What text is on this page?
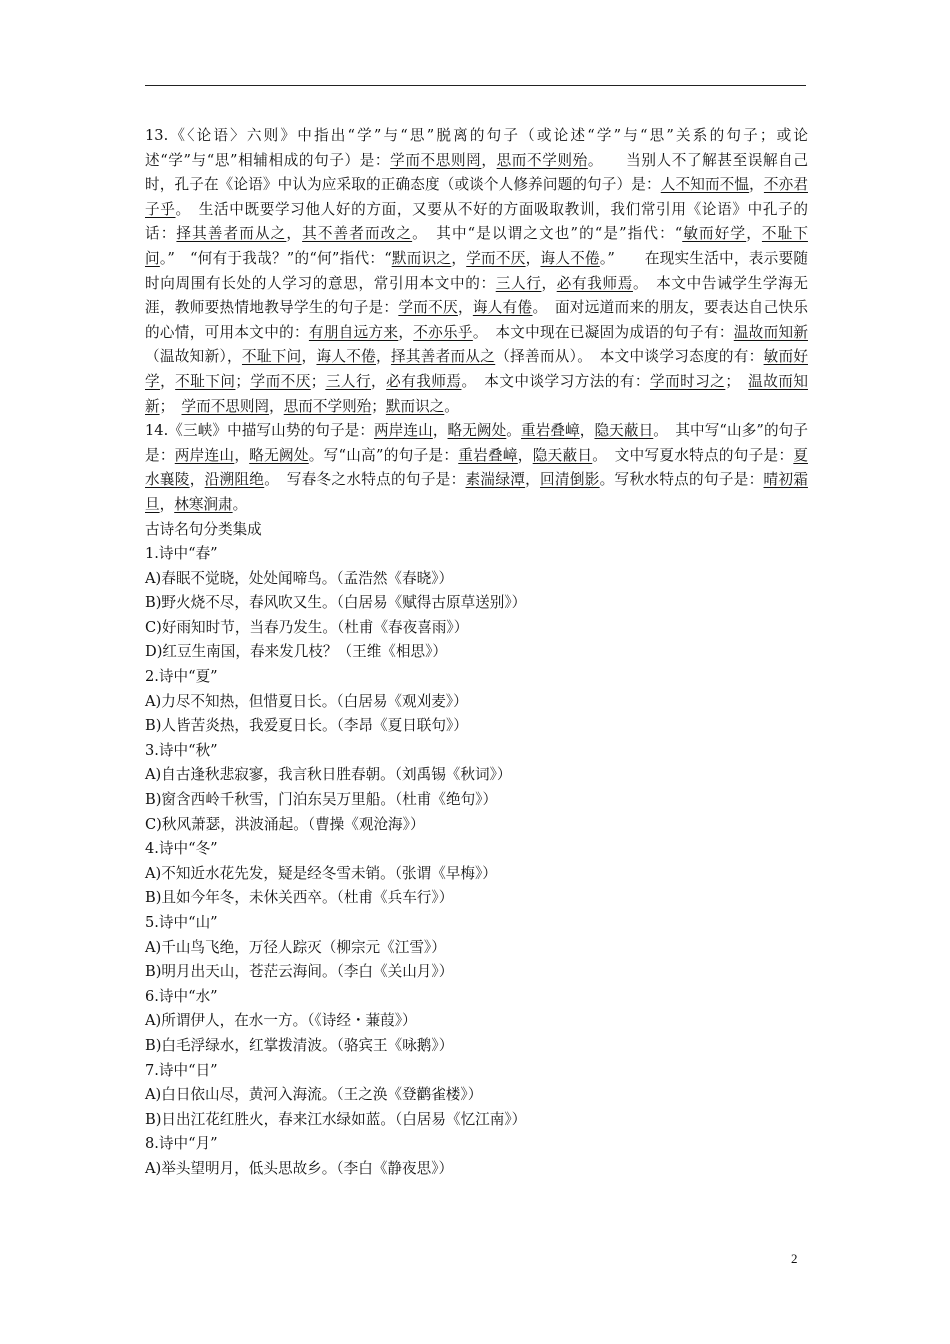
13.《〈论语〉六则》中指出“学”与“思”脱离的句子（或论述“学”与“思”关系的句子；或论述“学”与“思”相辅相成的句子）是：学而不思则罔，思而不学则殆。　　当别人不了解甚至误解自己时，孔子在《论语》中认为应采取的正确态度（或谈个人修养问题的句子）是：人不知而不愠，不亦君子乎。　生活中既要学习他人好的方面，又要从不好的方面吸取教训，我们常引用《论语》中孔子的话：择其善者而从之，其不善者而改之。　其中“是以谓之文也”的“是”指代：“敏而好学，不耻下问。”　“何有于我哉？”的“何”指代：“默而识之，学而不厌，诲人不倦。”　　在现实生活中，表示要随时向周围有长处的人学习的意思，常引用本文中的：三人行，必有我师焉。　本文中告诫学生学海无涯，教师要热情地教导学生的句子是：学而不厌，诲人有倦。　面对远道而来的朋友，要表达自己快乐的心情，可用本文中的：有朋自远方来，不亦乐乎。　本文中现在已凝固为成语的句子有：温故而知新（温故知新），不耻下问，诲人不倦，择其善者而从之（择善而从）。　本文中谈学习态度的有：敏而好学，不耻下问；学而不厌；三人行，必有我师焉。　本文中谈学习方法的有：学而时习之；　温故而知新；　学而不思则罔，思而不学则殆；默而识之。

14.《三峡》中描写山势的句子是：两岸连山，略无阙处。重岩叠嶂，隐天蔽日。　其中写“山多”的句子是：两岸连山，略无阙处。写“山高”的句子是：重岩叠嶂，隐天蔽日。　文中写夏水特点的句子是：夏水襄陵，沿溯阻绝。　写春冬之水特点的句子是：素湍绿潭，回清倒影。写秋水特点的句子是：晴初霜旦，林寒涧肃。

古诗名句分类集成

1.诗中“春”

A)春眠不觉晓，处处闻啼鸟。（孟浩然《春晓》）

B)野火烧不尽，春风吹又生。（白居易《赋得古原草送别》）

C)好雨知时节，当春乃发生。（杜甫《春夜喜雨》）

D)红豆生南国，春来发几枝？（王维《相思》）

2.诗中“夏”

A)力尽不知热，但惜夏日长。（白居易《观刈麦》）

B)人皆苦炎热，我爱夏日长。（李昂《夏日联句》）

3.诗中“秋”

A)自古逢秋悲寂寥，我言秋日胜春朝。（刘禹锡《秋词》）

B)窗含西岭千秋雪，门泊东吴万里船。（杜甫《绝句》）

C)秋风萧瑟，洪波涌起。（曹操《观沧海》）

4.诗中“冬”

A)不知近水花先发，疑是经冬雪未销。（张谓《早梅》）

B)且如今年冬，未休关西卒。（杜甫《兵车行》）

5.诗中“山”

A)千山鸟飞绝，万径人踪灭（柳宗元《江雪》）

B)明月出天山，苍茫云海间。（李白《关山月》）

6.诗中“水”

A)所谓伊人，在水一方。（《诗经・蒹葭》）

B)白毛浮绿水，红掌拨清波。（骆宾王《咏鹅》）

7.诗中“日”

A)白日依山尽，黄河入海流。（王之涣《登鹳雀楼》）

B)日出江花红胜火，春来江水绿如蓝。（白居易《忆江南》）

8.诗中“月”

A)举头望明月，低头思故乡。（李白《静夜思》）

2
